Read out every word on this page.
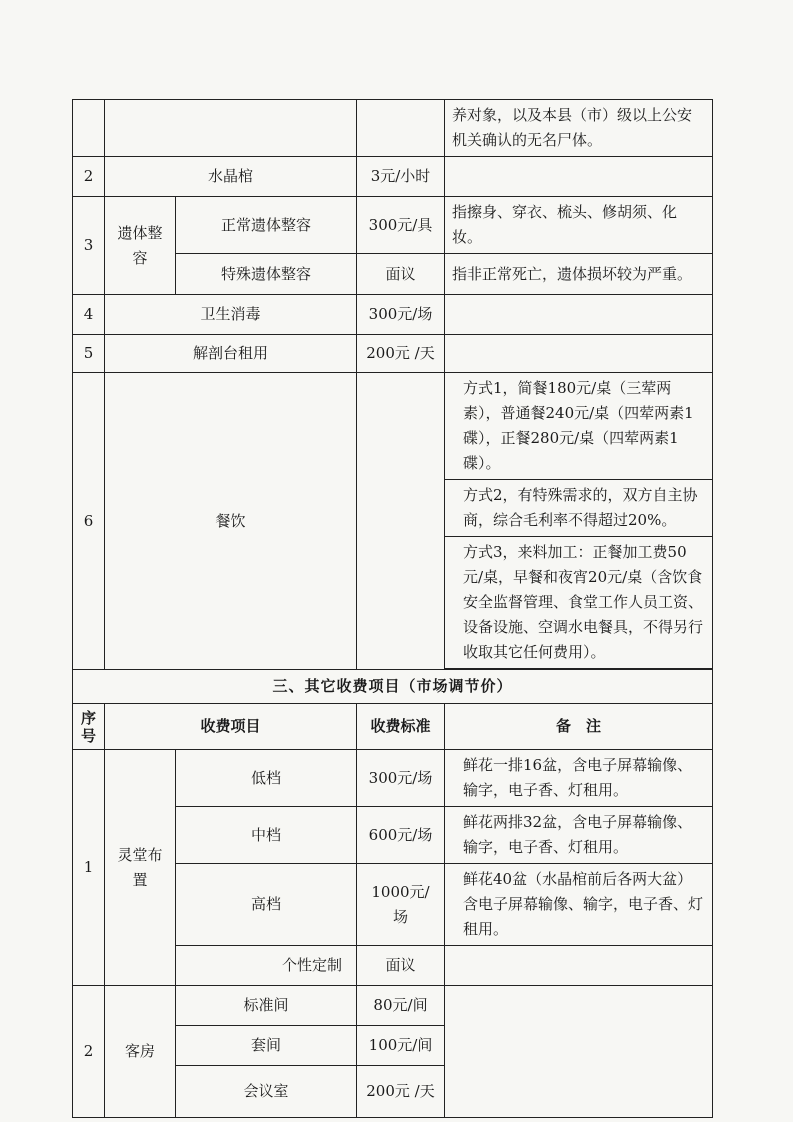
				养对象，以及本县（市）级以上公安机关确认的无名尸体。
2	水晶棺		3元/小时	
3	遗体整容	正常遗体整容	300元/具	指擦身、穿衣、梳头、修胡须、化妆。
		特殊遗体整容	面议	指非正常死亡，遗体损坏较为严重。
4	卫生消毒		300元/场	
5	解剖台租用		200元 /天	
6	餐饮			方式1，简餐180元/桌（三荤两素），普通餐240元/桌（四荤两素1碟），正餐280元/桌（四荤两素1碟）。
				方式2，有特殊需求的，双方自主协商，综合毛利率不得超过20%。
				方式3，来料加工：正餐加工费50元/桌，早餐和夜宵20元/桌（含饮食安全监督管理、食堂工作人员工资、设备设施、空调水电餐具，不得另行收取其它任何费用）。

三、其它收费项目（市场调节价）				
序号	收费项目		收费标准	备　注
1	灵堂布置	低档	300元/场	鲜花一排16盆，含电子屏幕输像、输字，电子香、灯租用。
		中档	600元/场	鲜花两排32盆，含电子屏幕输像、输字，电子香、灯租用。
		高档	1000元/场	鲜花40盆（水晶棺前后各两大盆）含电子屏幕输像、输字，电子香、灯租用。
		个性定制	面议	
2	客房	标准间	80元/间	
		套间	100元/间	
		会议室	200元 /天	
